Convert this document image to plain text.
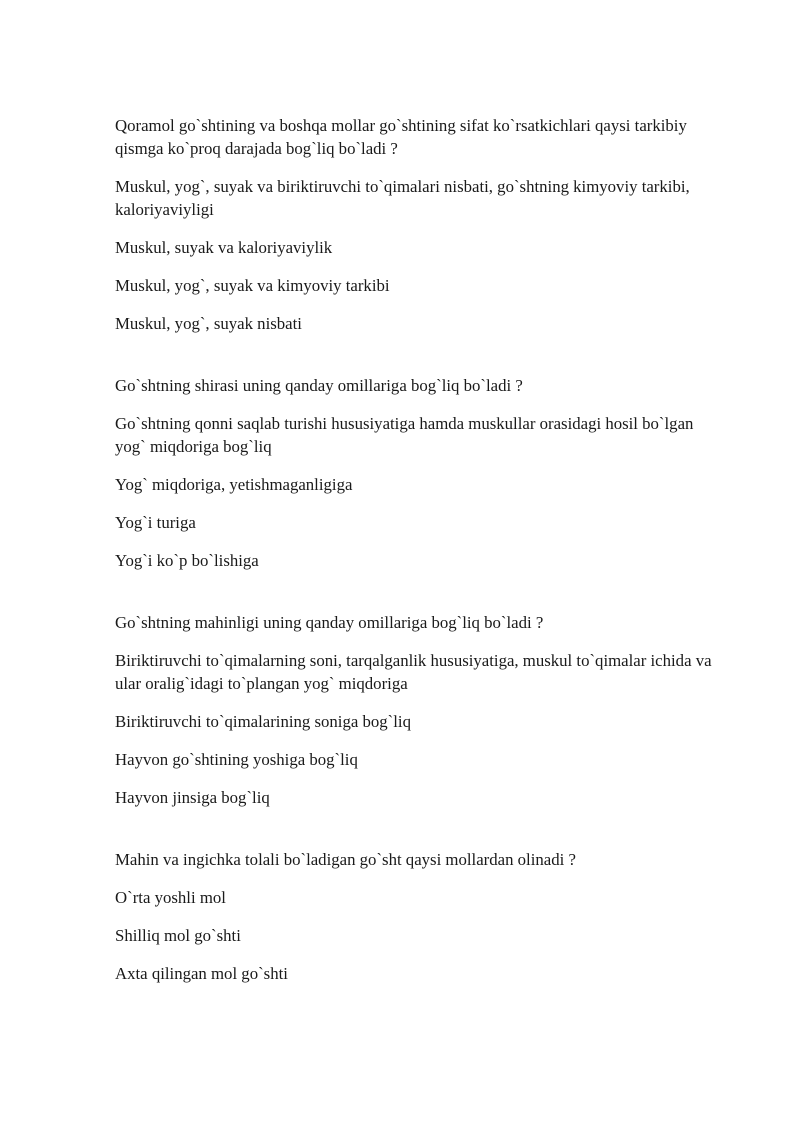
Qoramol go`shtining va boshqa mollar go`shtining sifat ko`rsatkichlari qaysi tarkibiy qismga ko`proq darajada bog`liq bo`ladi ?

Muskul, yog`, suyak va biriktiruvchi to`qimalari nisbati, go`shtning kimyoviy tarkibi, kaloriyaviyligi

Muskul, suyak va kaloriyaviylik

Muskul, yog`, suyak va kimyoviy tarkibi

Muskul, yog`, suyak nisbati

Go`shtning shirasi uning qanday omillariga bog`liq bo`ladi ?

Go`shtning qonni saqlab turishi hususiyatiga hamda muskullar orasidagi hosil bo`lgan yog` miqdoriga bog`liq

Yog` miqdoriga, yetishmaganligiga

Yog`i turiga

Yog`i ko`p bo`lishiga

Go`shtning mahinligi uning qanday omillariga bog`liq bo`ladi ?

Biriktiruvchi to`qimalarning soni, tarqalganlik hususiyatiga, muskul to`qimalar ichida va ular oralig`idagi to`plangan yog` miqdoriga

Biriktiruvchi to`qimalarining soniga bog`liq

Hayvon go`shtining yoshiga bog`liq

Hayvon jinsiga bog`liq

Mahin va ingichka tolali bo`ladigan go`sht qaysi mollardan olinadi ?

O`rta yoshli mol

Shilliq mol go`shti

Axta qilingan mol go`shti
